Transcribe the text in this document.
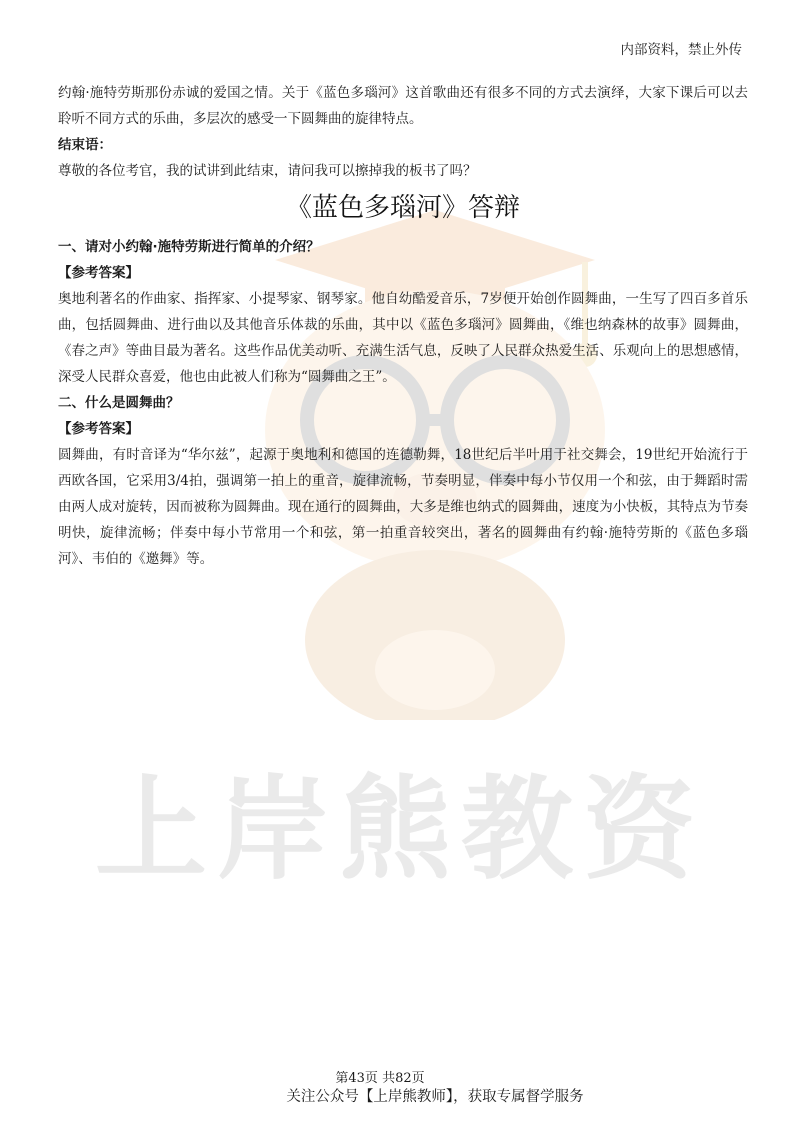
上岸熊教资
内部资料，禁止外传

约翰·施特劳斯那份赤诚的爱国之情。关于《蓝色多瑙河》这首歌曲还有很多不同的方式去演绎，大家下课后可以去聆听不同方式的乐曲，多层次的感受一下圆舞曲的旋律特点。

结束语：

尊敬的各位考官，我的试讲到此结束，请问我可以擦掉我的板书了吗？

《蓝色多瑙河》答辩

一、请对小约翰·施特劳斯进行简单的介绍？

【参考答案】

奥地利著名的作曲家、指挥家、小提琴家、钢琴家。他自幼酷爱音乐，7岁便开始创作圆舞曲，一生写了四百多首乐曲，包括圆舞曲、进行曲以及其他音乐体裁的乐曲，其中以《蓝色多瑙河》圆舞曲，《维也纳森林的故事》圆舞曲，《春之声》等曲目最为著名。这些作品优美动听、充满生活气息，反映了人民群众热爱生活、乐观向上的思想感情，深受人民群众喜爱，他也由此被人们称为“圆舞曲之王”。

二、什么是圆舞曲？

【参考答案】

圆舞曲，有时音译为“华尔兹”，起源于奥地利和德国的连德勒舞，18世纪后半叶用于社交舞会，19世纪开始流行于西欧各国，它采用3/4拍，强调第一拍上的重音，旋律流畅，节奏明显，伴奏中每小节仅用一个和弦，由于舞蹈时需由两人成对旋转，因而被称为圆舞曲。现在通行的圆舞曲，大多是维也纳式的圆舞曲，速度为小快板，其特点为节奏明快，旋律流畅；伴奏中每小节常用一个和弦，第一拍重音较突出，著名的圆舞曲有约翰·施特劳斯的《蓝色多瑙河》、韦伯的《邀舞》等。

第43页 共82页
关注公众号【上岸熊教师】，获取专属督学服务
